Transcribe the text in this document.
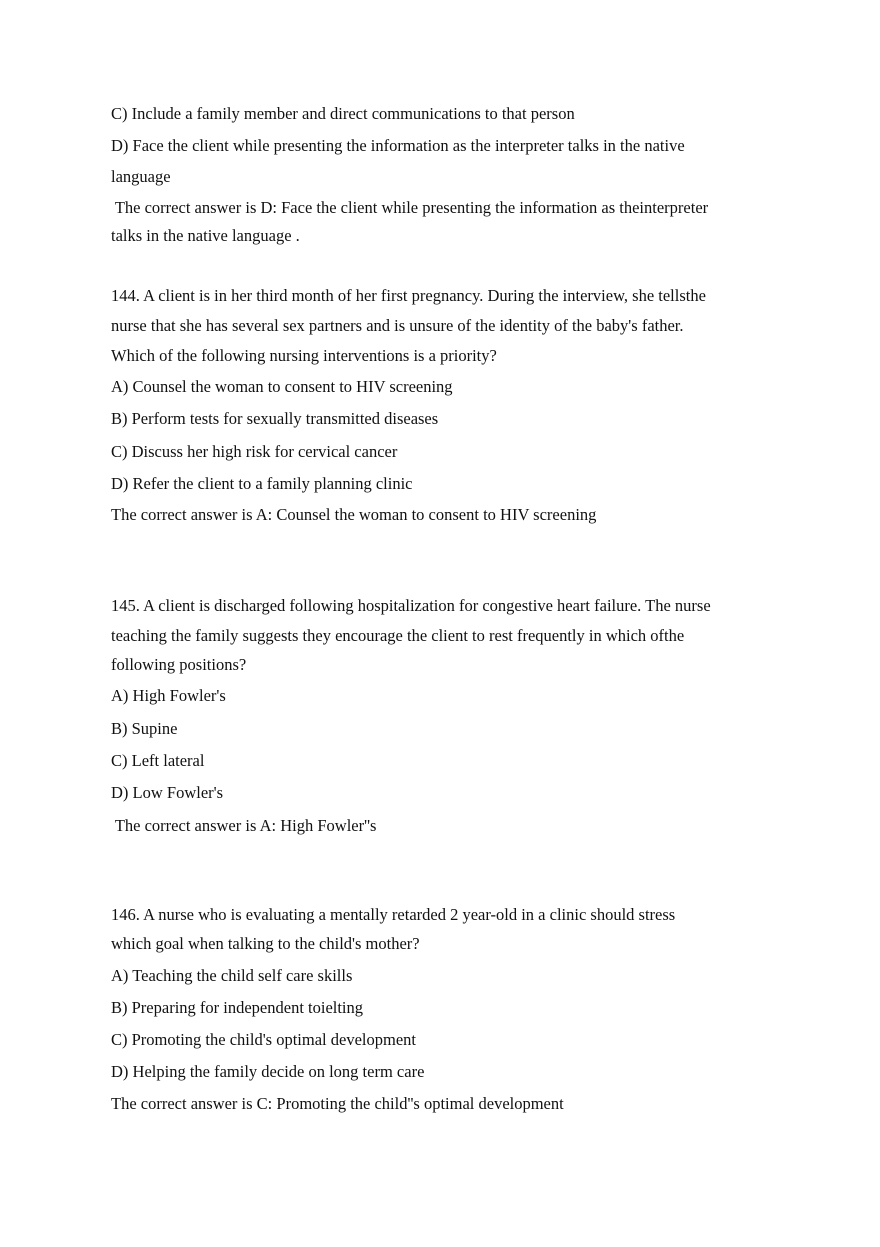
C) Include a family member and direct communications to that person
D) Face the client while presenting the information as the interpreter talks in the native
language
The correct answer is D: Face the client while presenting the information as theinterpreter
talks in the native language .
144. A client is in her third month of her first pregnancy. During the interview, she tellsthe
nurse that she has several sex partners and is unsure of the identity of the baby's father.
Which of the following nursing interventions is a priority?
A) Counsel the woman to consent to HIV screening
B) Perform tests for sexually transmitted diseases
C) Discuss her high risk for cervical cancer
D) Refer the client to a family planning clinic
The correct answer is A: Counsel the woman to consent to HIV screening
145. A client is discharged following hospitalization for congestive heart failure. The nurse
teaching the family suggests they encourage the client to rest frequently in which ofthe
following positions?
A) High Fowler's
B) Supine
C) Left lateral
D) Low Fowler's
The correct answer is A: High Fowler''s
146. A nurse who is evaluating a mentally retarded 2 year-old in a clinic should stress
which goal when talking to the child's mother?
A) Teaching the child self care skills
B) Preparing for independent toielting
C) Promoting the child's optimal development
D) Helping the family decide on long term care
The correct answer is C: Promoting the child''s optimal development
